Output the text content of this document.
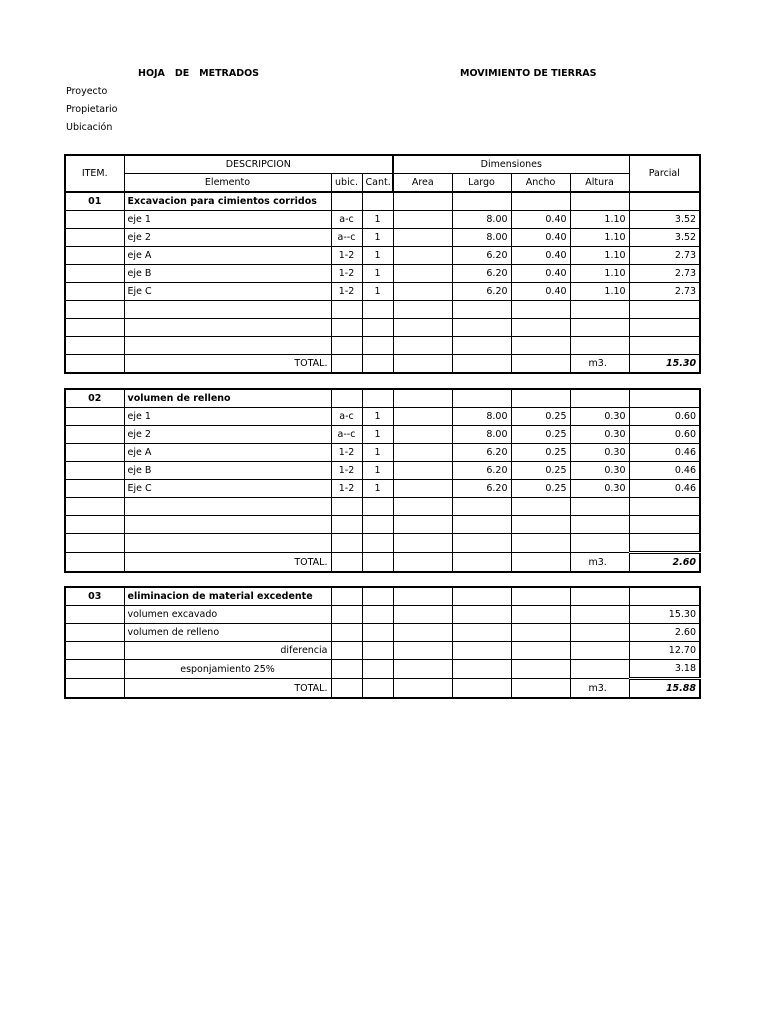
HOJA   DE   METRADOS	MOVIMIENTO DE TIERRAS
Proyecto
Propietario
Ubicación
ITEM.	DESCRIPCION			Dimensiones				Parcial
	Elemento	ubic.	Cant.	Area	Largo	Ancho	Altura	
01	Excavacion para cimientos corridos							
	eje 1	a-c	1		8.00	0.40	1.10	3.52
	eje 2	a--c	1		8.00	0.40	1.10	3.52
	eje A	1-2	1		6.20	0.40	1.10	2.73
	eje B	1-2	1		6.20	0.40	1.10	2.73
	Eje C	1-2	1		6.20	0.40	1.10	2.73

	TOTAL.						m3.	15.30
02	volumen de relleno							
	eje 1	a-c	1		8.00	0.25	0.30	0.60
	eje 2	a--c	1		8.00	0.25	0.30	0.60
	eje A	1-2	1		6.20	0.25	0.30	0.46
	eje B	1-2	1		6.20	0.25	0.30	0.46
	Eje C	1-2	1		6.20	0.25	0.30	0.46

	TOTAL.						m3.	2.60
03	eliminacion de material excedente							
	volumen excavado							15.30
	volumen de relleno							2.60
	diferencia							12.70
	esponjamiento 25%							3.18
	TOTAL.						m3.	15.88
